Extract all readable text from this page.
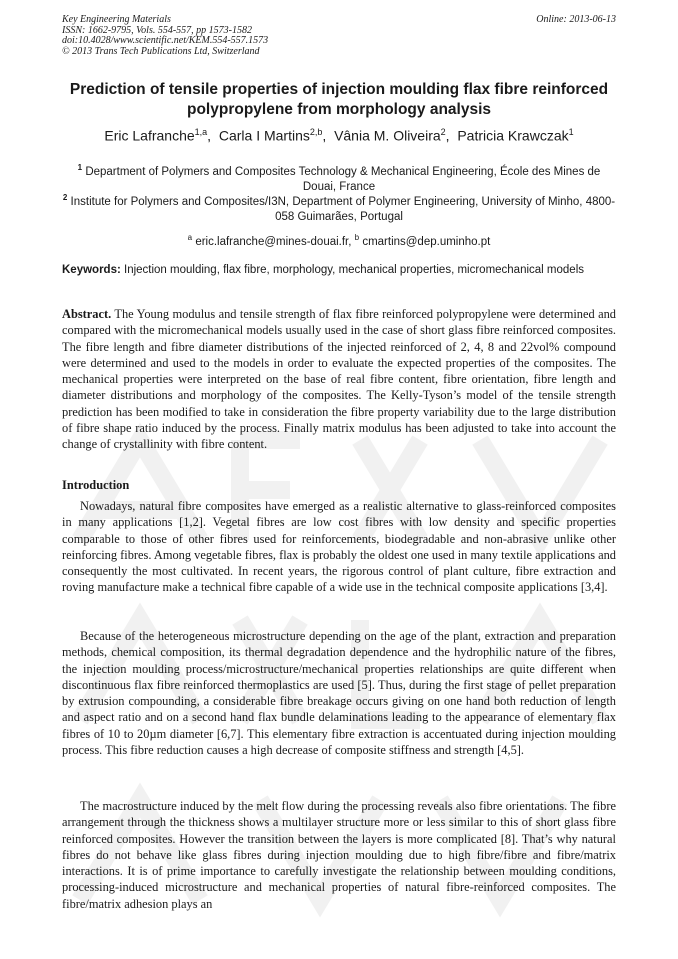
Key Engineering Materials
ISSN: 1662-9795, Vols. 554-557, pp 1573-1582
doi:10.4028/www.scientific.net/KEM.554-557.1573
© 2013 Trans Tech Publications Ltd, Switzerland
Online: 2013-06-13
Prediction of tensile properties of injection moulding flax fibre reinforced polypropylene from morphology analysis
Eric Lafranche$^{1,a}$,  Carla I Martins$^{2,b}$,  Vânia M. Oliveira$^2$,  Patricia Krawczak$^1$
$^1$ Department of Polymers and Composites Technology & Mechanical Engineering, École des Mines de Douai, France
$^2$ Institute for Polymers and Composites/I3N, Department of Polymer Engineering, University of Minho, 4800-058 Guimarães, Portugal
$^a$ eric.lafranche@mines-douai.fr, $^b$ cmartins@dep.uminho.pt
Keywords: Injection moulding, flax fibre, morphology, mechanical properties, micromechanical models
Abstract. The Young modulus and tensile strength of flax fibre reinforced polypropylene were determined and compared with the micromechanical models usually used in the case of short glass fibre reinforced composites. The fibre length and fibre diameter distributions of the injected reinforced of 2, 4, 8 and 22vol% compound were determined and used to the models in order to evaluate the expected properties of the composites. The mechanical properties were interpreted on the base of real fibre content, fibre orientation, fibre length and diameter distributions and morphology of the composites. The Kelly-Tyson’s model of the tensile strength prediction has been modified to take in consideration the fibre property variability due to the large distribution of fibre shape ratio induced by the process. Finally matrix modulus has been adjusted to take into account the change of crystallinity with fibre content.
Introduction
Nowadays, natural fibre composites have emerged as a realistic alternative to glass-reinforced composites in many applications [1,2]. Vegetal fibres are low cost fibres with low density and specific properties comparable to those of other fibres used for reinforcements, biodegradable and non-abrasive unlike other reinforcing fibres. Among vegetable fibres, flax is probably the oldest one used in many textile applications and consequently the most cultivated. In recent years, the rigorous control of plant culture, fibre extraction and roving manufacture make a technical fibre capable of a wide use in the technical composite applications [3,4].
Because of the heterogeneous microstructure depending on the age of the plant, extraction and preparation methods, chemical composition, its thermal degradation dependence and the hydrophilic nature of the fibres, the injection moulding process/microstructure/mechanical properties relationships are quite different when discontinuous flax fibre reinforced thermoplastics are used [5]. Thus, during the first stage of pellet preparation by extrusion compounding, a considerable fibre breakage occurs giving on one hand both reduction of length and aspect ratio and on a second hand flax bundle delaminations leading to the appearance of elementary flax fibres of 10 to 20µm diameter [6,7]. This elementary fibre extraction is accentuated during injection moulding process. This fibre reduction causes a high decrease of composite stiffness and strength [4,5].
The macrostructure induced by the melt flow during the processing reveals also fibre orientations. The fibre arrangement through the thickness shows a multilayer structure more or less similar to this of short glass fibre reinforced composites. However the transition between the layers is more complicated [8]. That’s why natural fibres do not behave like glass fibres during injection moulding due to high fibre/fibre and fibre/matrix interactions. It is of prime importance to carefully investigate the relationship between moulding conditions, processing-induced microstructure and mechanical properties of natural fibre-reinforced composites. The fibre/matrix adhesion plays an
